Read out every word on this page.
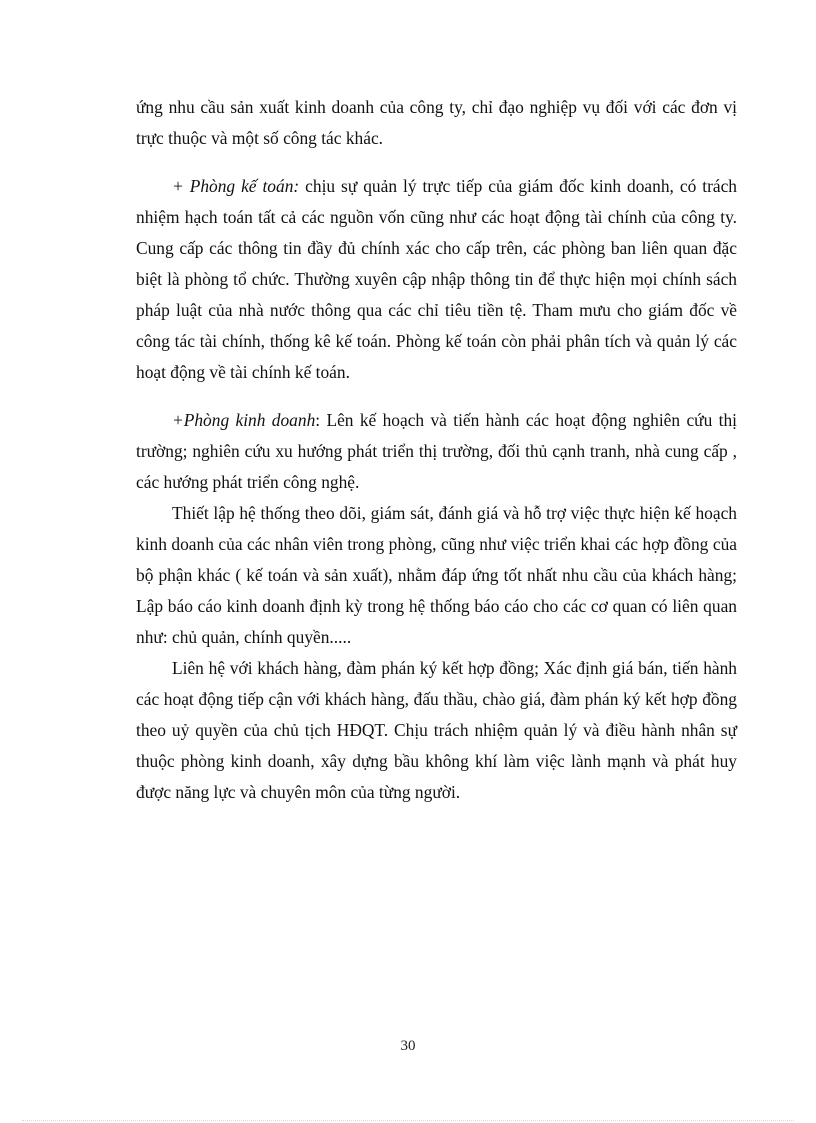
ứng nhu cầu sản xuất kinh doanh của công ty, chỉ đạo nghiệp vụ đối với các đơn vị trực thuộc và một số công tác khác.

+ Phòng kế toán: chịu sự quản lý trực tiếp của giám đốc kinh doanh, có trách nhiệm hạch toán tất cả các nguồn vốn cũng như các hoạt động tài chính của công ty. Cung cấp các thông tin đầy đủ chính xác cho cấp trên, các phòng ban liên quan đặc biệt là phòng tổ chức. Thường xuyên cập nhập thông tin để thực hiện mọi chính sách pháp luật của nhà nước thông qua các chỉ tiêu tiền tệ. Tham mưu cho giám đốc về công tác tài chính, thống kê kế toán. Phòng kế toán còn phải phân tích và quản lý các hoạt động về tài chính kế toán.

+Phòng kinh doanh: Lên kế hoạch và tiến hành các hoạt động nghiên cứu thị trường; nghiên cứu xu hướng phát triển thị trường, đối thủ cạnh tranh, nhà cung cấp , các hướng phát triển công nghệ.

Thiết lập hệ thống theo dõi, giám sát, đánh giá và hỗ trợ việc thực hiện kế hoạch kinh doanh của các nhân viên trong phòng, cũng như việc triển khai các hợp đồng của bộ phận khác ( kế toán và sản xuất), nhằm đáp ứng tốt nhất nhu cầu của khách hàng; Lập báo cáo kinh doanh định kỳ trong hệ thống báo cáo cho các cơ quan có liên quan như: chủ quản, chính quyền.....

Liên hệ với khách hàng, đàm phán ký kết hợp đồng; Xác định giá bán, tiến hành các hoạt động tiếp cận với khách hàng, đấu thầu, chào giá, đàm phán ký kết hợp đồng theo uỷ quyền của chủ tịch HĐQT. Chịu trách nhiệm quản lý và điều hành nhân sự thuộc phòng kinh doanh, xây dựng bầu không khí làm việc lành mạnh và phát huy được năng lực và chuyên môn của từng người.

30
